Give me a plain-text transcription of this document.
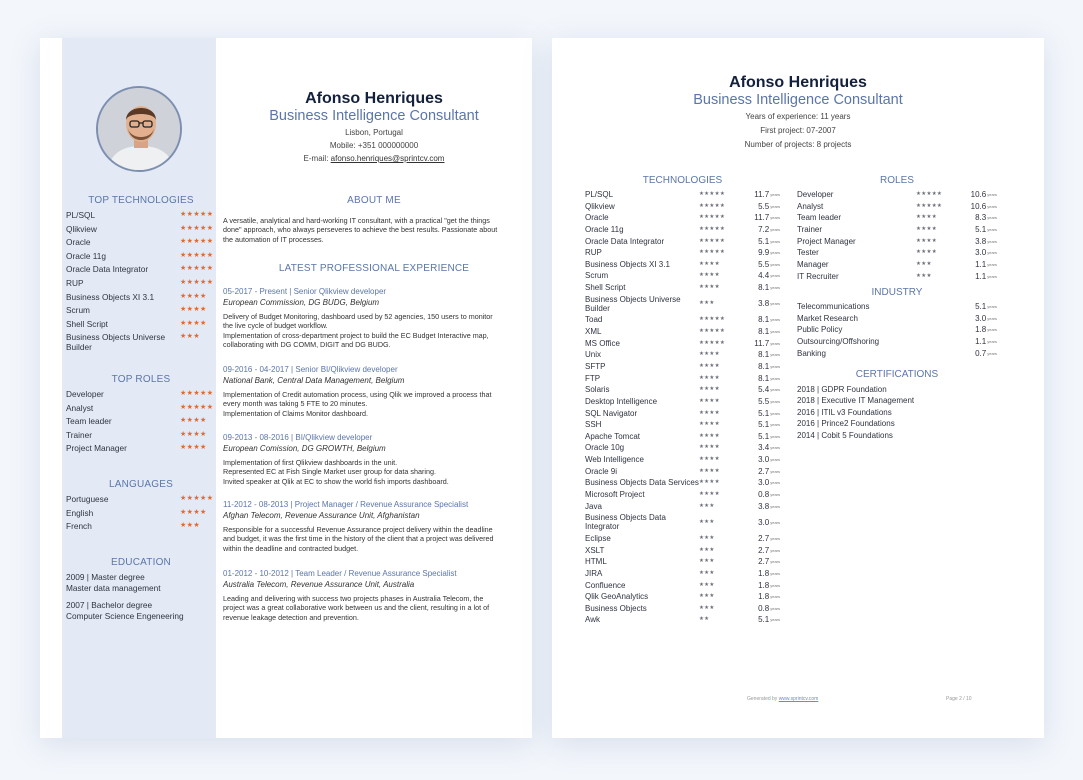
TOP TECHNOLOGIES
PL/SQL	★★★★★
Qlikview	★★★★★
Oracle	★★★★★
Oracle 11g	★★★★★
Oracle Data Integrator	★★★★★
RUP	★★★★★
Business Objects XI 3.1	★★★★
Scrum	★★★★
Shell Script	★★★★
Business Objects Universe Builder
★★★
TOP ROLES
Developer	★★★★★
Analyst	★★★★★
Team leader	★★★★
Trainer	★★★★
Project Manager	★★★★
LANGUAGES
Portuguese	★★★★★
English	★★★★
French	★★★
EDUCATION
2009 | Master degree
Master data management
2007 | Bachelor degree
Computer Science Engeneering
Afonso Henriques
Business Intelligence Consultant
Lisbon, Portugal
Mobile: +351 000000000
E-mail: afonso.henriques@sprintcv.com
ABOUT ME
A versatile, analytical and hard-working IT consultant, with a practical "get the things done" approach, who always perseveres to achieve the best results. Passionate about the automation of IT processes.
LATEST PROFESSIONAL EXPERIENCE
05-2017 - Present | Senior Qlikview developer
European Commission, DG BUDG, Belgium
Delivery of Budget Monitoring, dashboard used by 52 agencies, 150 users to monitor the live cycle of budget workflow.
Implementation of cross-department project to build the EC Budget Interactive map, collaborating with DG COMM, DIGIT and DG BUDG.
09-2016 - 04-2017 | Senior BI/Qlikview developer
National Bank, Central Data Management, Belgium
Implementation of Credit automation process, using Qlik we improved a process that every month was taking 5 FTE to 20 minutes.
Implementation of Claims Monitor dashboard.
09-2013 - 08-2016 | BI/Qlikview developer
European Comission, DG GROWTH, Belgium
Implementation of first Qlikview dashboards in the unit.
Represented EC at Fish Single Market user group for data sharing.
Invited speaker at Qlik at EC to show the world fish imports dashboard.
11-2012 - 08-2013 | Project Manager / Revenue Assurance Specialist
Afghan Telecom, Revenue Assurance Unit, Afghanistan
Responsible for a successful Revenue Assurance project delivery within the deadline and budget, it was the first time in the history of the client that a project was delivered within the deadline and contracted budget.
01-2012 - 10-2012 | Team Leader / Revenue Assurance Specialist
Australia Telecom, Revenue Assurance Unit, Australia
Leading and delivering with success two projects phases in Australia Telecom, the project was a great collaborative work between us and the client, resulting in a lot of revenue leakage detection and prevention.
Afonso Henriques
Business Intelligence Consultant
Years of experience: 11 years
First project: 07-2007
Number of projects: 8 projects
TECHNOLOGIES
PL/SQL	★★★★★	11.7 years
Qlikview	★★★★★	5.5 years
Oracle	★★★★★	11.7 years
Oracle 11g	★★★★★	7.2 years
Oracle Data Integrator	★★★★★	5.1 years
RUP	★★★★★	9.9 years
Business Objects XI 3.1	★★★★	5.5 years
Scrum	★★★★	4.4 years
Shell Script	★★★★	8.1 years
Business Objects Universe Builder
★★★	3.8 years
Toad	★★★★★	8.1 years
XML	★★★★★	8.1 years
MS Office	★★★★★	11.7 years
Unix	★★★★	8.1 years
SFTP	★★★★	8.1 years
FTP	★★★★	8.1 years
Solaris	★★★★	5.4 years
Desktop Intelligence	★★★★	5.5 years
SQL Navigator	★★★★	5.1 years
SSH	★★★★	5.1 years
Apache Tomcat	★★★★	5.1 years
Oracle 10g	★★★★	3.4 years
Web Intelligence	★★★★	3.0 years
Oracle 9i	★★★★	2.7 years
Business Objects Data Services ★★★★	3.0 years
Microsoft Project	★★★★	0.8 years
Java	★★★	3.8 years
Business Objects Data Integrator
★★★	3.0 years
Eclipse	★★★	2.7 years
XSLT	★★★	2.7 years
HTML	★★★	2.7 years
JIRA	★★★	1.8 years
Confluence	★★★	1.8 years
Qlik GeoAnalytics	★★★	1.8 years
Business Objects	★★★	0.8 years
Awk	★★	5.1 years
ROLES
Developer	★★★★★	10.6 years
Analyst	★★★★★	10.6 years
Team leader	★★★★	8.3 years
Trainer	★★★★	5.1 years
Project Manager	★★★★	3.8 years
Tester	★★★★	3.0 years
Manager	★★★	1.1 years
IT Recruiter	★★★	1.1 years
INDUSTRY
Telecommunications	5.1 years
Market Research	3.0 years
Public Policy	1.8 years
Outsourcing/Offshoring	1.1 years
Banking	0.7 years
CERTIFICATIONS
2018 | GDPR Foundation
2018 | Executive IT Management
2016 | ITIL v3 Foundations
2016 | Prince2 Foundations
2014 | Cobit 5 Foundations
Generated by www.sprintcv.com	Page 2 / 10
